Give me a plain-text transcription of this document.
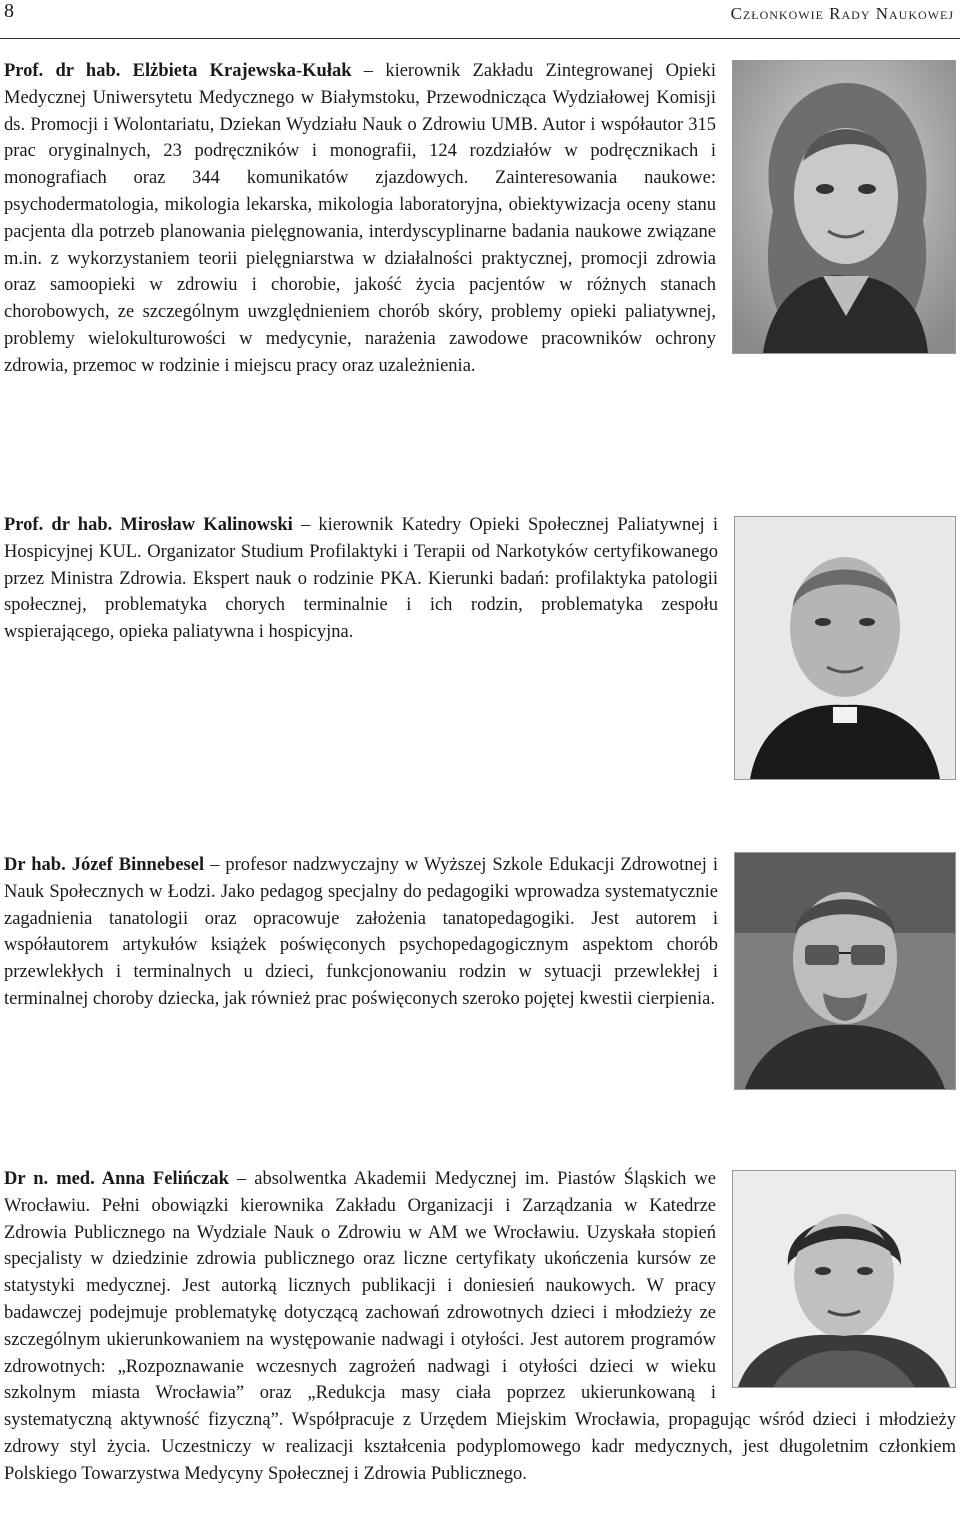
8	Członkowie Rady Naukowej

Prof. dr hab. Elżbieta Krajewska-Kułak – kierownik Zakładu Zintegrowanej Opieki Medycznej Uniwersytetu Medycznego w Białymstoku, Przewodnicząca Wydziałowej Komisji ds. Promocji i Wolontariatu, Dziekan Wydziału Nauk o Zdrowiu UMB. Autor i współautor 315 prac oryginalnych, 23 podręczników i monografii, 124 rozdziałów w podręcznikach i monografiach oraz 344 komunikatów zjazdowych. Zainteresowania naukowe: psychodermatologia, mikologia lekarska, mikologia laboratoryjna, obiektywizacja oceny stanu pacjenta dla potrzeb planowania pielęgnowania, interdyscyplinarne badania naukowe związane m.in. z wykorzystaniem teorii pielęgniarstwa w działalności praktycznej, promocji zdrowia oraz samoopieki w zdrowiu i chorobie, jakość życia pacjentów w różnych stanach chorobowych, ze szczególnym uwzględnieniem chorób skóry, problemy opieki paliatywnej, problemy wielokulturowości w medycynie, narażenia zawodowe pracowników ochrony zdrowia, przemoc w rodzinie i miejscu pracy oraz uzależnienia.

Prof. dr hab. Mirosław Kalinowski – kierownik Katedry Opieki Społecznej Paliatywnej i Hospicyjnej KUL. Organizator Studium Profilaktyki i Terapii od Narkotyków certyfikowanego przez Ministra Zdrowia. Ekspert nauk o rodzinie PKA. Kierunki badań: profilaktyka patologii społecznej, problematyka chorych terminalnie i ich rodzin, problematyka zespołu wspierającego, opieka paliatywna i hospicyjna.

Dr hab. Józef Binnebesel – profesor nadzwyczajny w Wyższej Szkole Edukacji Zdrowotnej i Nauk Społecznych w Łodzi. Jako pedagog specjalny do pedagogiki wprowadza systematycznie zagadnienia tanatologii oraz opracowuje założenia tanatopedagogiki. Jest autorem i współautorem artykułów książek poświęconych psychopedagogicznym aspektom chorób przewlekłych i terminalnych u dzieci, funkcjonowaniu rodzin w sytuacji przewlekłej i terminalnej choroby dziecka, jak również prac poświęconych szeroko pojętej kwestii cierpienia.

Dr n. med. Anna Felińczak – absolwentka Akademii Medycznej im. Piastów Śląskich we Wrocławiu. Pełni obowiązki kierownika Zakładu Organizacji i Zarządzania w Katedrze Zdrowia Publicznego na Wydziale Nauk o Zdrowiu w AM we Wrocławiu. Uzyskała stopień specjalisty w dziedzinie zdrowia publicznego oraz liczne certyfikaty ukończenia kursów ze statystyki medycznej. Jest autorką licznych publikacji i doniesień naukowych. W pracy badawczej podejmuje problematykę dotyczącą zachowań zdrowotnych dzieci i młodzieży ze szczególnym ukierunkowaniem na występowanie nadwagi i otyłości. Jest autorem programów zdrowotnych: „Rozpoznawanie wczesnych zagrożeń nadwagi i otyłości dzieci w wieku szkolnym miasta Wrocławia” oraz „Redukcja masy ciała poprzez ukierunkowaną i systematyczną aktywność fizyczną”. Współpracuje z Urzędem Miejskim Wrocławia, propagując wśród dzieci i młodzieży zdrowy styl życia. Uczestniczy w realizacji kształcenia podyplomowego kadr medycznych, jest długoletnim członkiem Polskiego Towarzystwa Medycyny Społecznej i Zdrowia Publicznego.
